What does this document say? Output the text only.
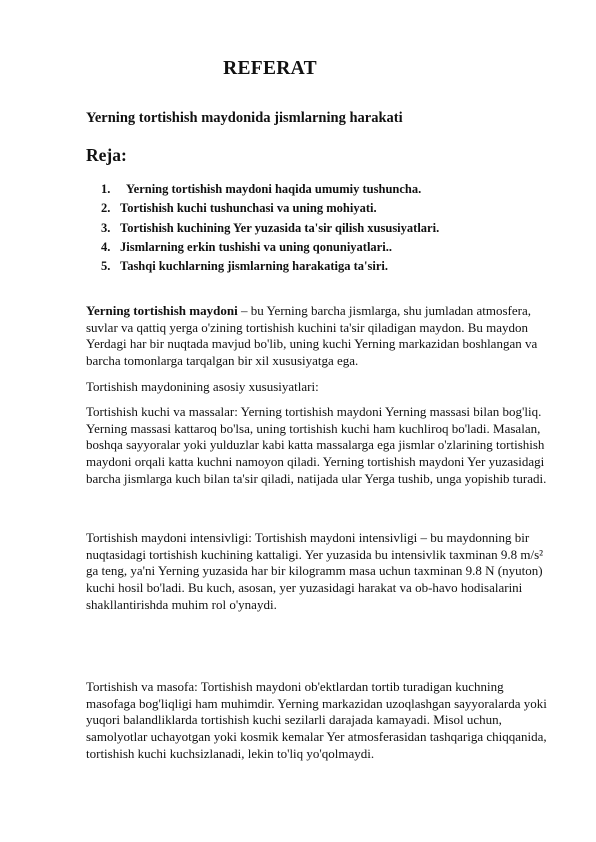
REFERAT
Yerning tortishish maydonida jismlarning harakati
Reja:
1.	Yerning tortishish maydoni haqida umumiy tushuncha.
2. Tortishish kuchi tushunchasi va uning mohiyati.
3. Tortishish kuchining Yer yuzasida ta'sir qilish xususiyatlari.
4. Jismlarning erkin tushishi va uning qonuniyatlari..
5. Tashqi kuchlarning jismlarning harakatiga ta'siri.

Yerning tortishish maydoni – bu Yerning barcha jismlarga, shu jumladan atmosfera, suvlar va qattiq yerga o'zining tortishish kuchini ta'sir qiladigan maydon. Bu maydon Yerdagi har bir nuqtada mavjud bo'lib, uning kuchi Yerning markazidan boshlangan va barcha tomonlarga tarqalgan bir xil xususiyatga ega.

Tortishish maydonining asosiy xususiyatlari:

Tortishish kuchi va massalar: Yerning tortishish maydoni Yerning massasi bilan bog'liq. Yerning massasi kattaroq bo'lsa, uning tortishish kuchi ham kuchliroq bo'ladi. Masalan, boshqa sayyoralar yoki yulduzlar kabi katta massalarga ega jismlar o'zlarining tortishish maydoni orqali katta kuchni namoyon qiladi. Yerning tortishish maydoni Yer yuzasidagi barcha jismlarga kuch bilan ta'sir qiladi, natijada ular Yerga tushib, unga yopishib turadi.

Tortishish maydoni intensivligi: Tortishish maydoni intensivligi – bu maydonning bir nuqtasidagi tortishish kuchining kattaligi. Yer yuzasida bu intensivlik taxminan 9.8 m/s² ga teng, ya'ni Yerning yuzasida har bir kilogramm masa uchun taxminan 9.8 N (nyuton) kuchi hosil bo'ladi. Bu kuch, asosan, yer yuzasidagi harakat va ob-havo hodisalarini shakllantirishda muhim rol o'ynaydi.

Tortishish va masofa: Tortishish maydoni ob'ektlardan tortib turadigan kuchning masofaga bog'liqligi ham muhimdir. Yerning markazidan uzoqlashgan sayyoralarda yoki yuqori balandliklarda tortishish kuchi sezilarli darajada kamayadi. Misol uchun, samolyotlar uchayotgan yoki kosmik kemalar Yer atmosferasidan tashqariga chiqqanida, tortishish kuchi kuchsizlanadi, lekin to'liq yo'qolmaydi.
